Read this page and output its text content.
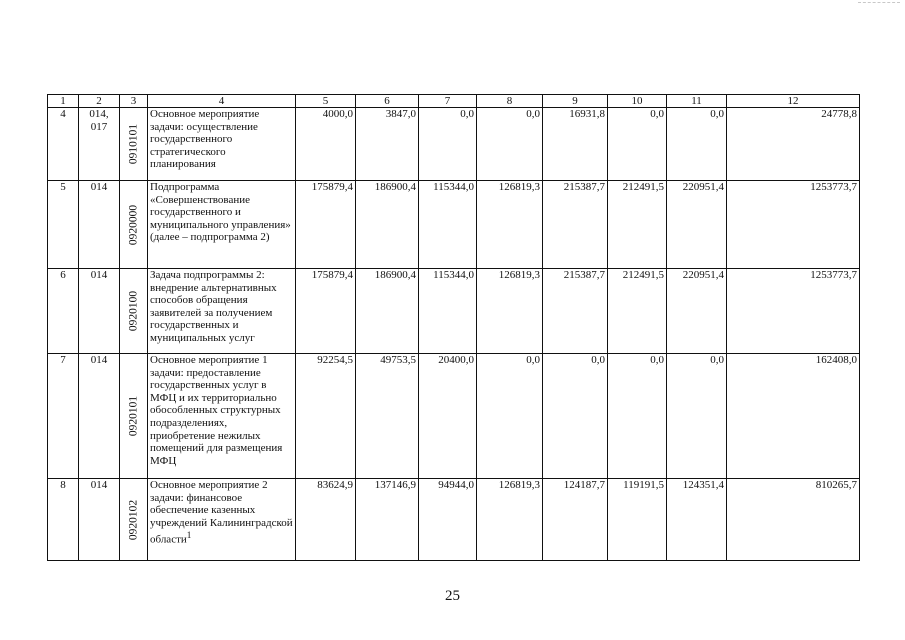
1	2	3	4	5	6	7	8	9	10	11	12
4	014, 017	0910101	Основное мероприятие задачи: осуществление государственного стратегического планирования	4000,0	3847,0	0,0	0,0	16931,8	0,0	0,0	24778,8
5	014	0920000	Подпрограмма «Совершенствование государственного и муниципального управления» (далее – подпрограмма 2)	175879,4	186900,4	115344,0	126819,3	215387,7	212491,5	220951,4	1253773,7
6	014	0920100	Задача подпрограммы 2: внедрение альтернативных способов обращения заявителей за получением государственных и муниципальных услуг	175879,4	186900,4	115344,0	126819,3	215387,7	212491,5	220951,4	1253773,7
7	014	0920101	Основное мероприятие 1 задачи: предоставление государственных услуг в МФЦ и их территориально обособленных структурных подразделениях, приобретение нежилых помещений для размещения МФЦ	92254,5	49753,5	20400,0	0,0	0,0	0,0	0,0	162408,0
8	014	0920102	Основное мероприятие 2 задачи: финансовое обеспечение казенных учреждений Калининградской области$^1$	83624,9	137146,9	94944,0	126819,3	124187,7	119191,5	124351,4	810265,7
25
